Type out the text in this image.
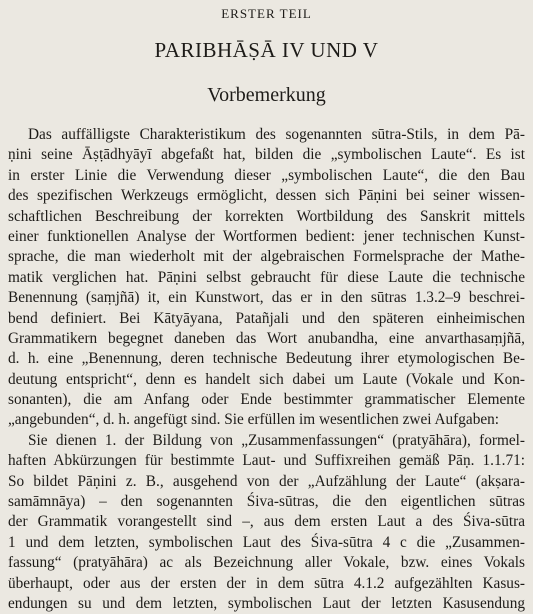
ERSTER TEIL
PARIBHĀṢĀ IV UND V
Vorbemerkung
Das auffälligste Charakteristikum des sogenannten sūtra-Stils, in dem Pā-
ṇini seine Āṣṭādhyāyī abgefaßt hat, bilden die „symbolischen Laute“. Es ist
in erster Linie die Verwendung dieser „symbolischen Laute“, die den Bau
des spezifischen Werkzeugs ermöglicht, dessen sich Pāṇini bei seiner wissen-
schaftlichen Beschreibung der korrekten Wortbildung des Sanskrit mittels
einer funktionellen Analyse der Wortformen bedient: jener technischen Kunst-
sprache, die man wiederholt mit der algebraischen Formelsprache der Mathe-
matik verglichen hat. Pāṇini selbst gebraucht für diese Laute die technische
Benennung (saṃjñā) it, ein Kunstwort, das er in den sūtras 1.3.2–9 beschrei-
bend definiert. Bei Kātyāyana, Patañjali und den späteren einheimischen
Grammatikern begegnet daneben das Wort anubandha, eine anvarthasaṃjñā,
d. h. eine „Benennung, deren technische Bedeutung ihrer etymologischen Be-
deutung entspricht“, denn es handelt sich dabei um Laute (Vokale und Kon-
sonanten), die am Anfang oder Ende bestimmter grammatischer Elemente
„angebunden“, d. h. angefügt sind. Sie erfüllen im wesentlichen zwei Aufgaben:
Sie dienen 1. der Bildung von „Zusammenfassungen“ (pratyāhāra), formel-
haften Abkürzungen für bestimmte Laut- und Suffixreihen gemäß Pāṇ. 1.1.71:
So bildet Pāṇini z. B., ausgehend von der „Aufzählung der Laute“ (akṣara-
samāmnāya) – den sogenannten Śiva-sūtras, die den eigentlichen sūtras
der Grammatik vorangestellt sind –, aus dem ersten Laut a des Śiva-sūtra
1 und dem letzten, symbolischen Laut des Śiva-sūtra 4 c die „Zusammen-
fassung“ (pratyāhāra) ac als Bezeichnung aller Vokale, bzw. eines Vokals
überhaupt, oder aus der ersten der in dem sūtra 4.1.2 aufgezählten Kasus-
endungen su und dem letzten, symbolischen Laut der letzten Kasusendung
